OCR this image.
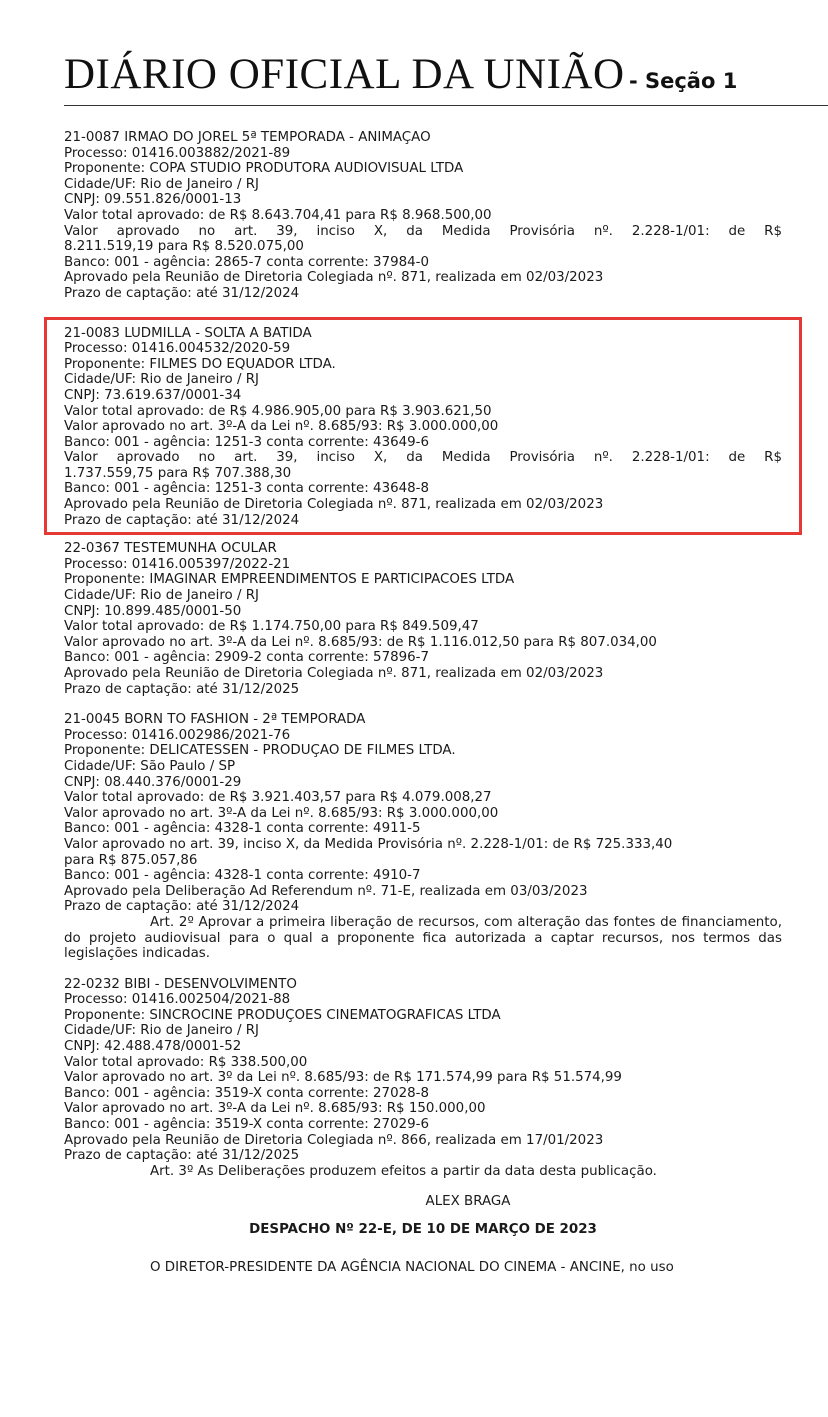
DIÁRIO OFICIAL DA UNIÃO - Seção 1
21-0087 IRMÃO DO JOREL 5ª TEMPORADA - ANIMAÇÃO
Processo: 01416.003882/2021-89
Proponente: COPA STUDIO PRODUTORA AUDIOVISUAL LTDA
Cidade/UF: Rio de Janeiro / RJ
CNPJ: 09.551.826/0001-13
Valor total aprovado: de R$ 8.643.704,41 para R$ 8.968.500,00
Valor aprovado no art. 39, inciso X, da Medida Provisória nº. 2.228-1/01: de R$
8.211.519,19 para R$ 8.520.075,00
Banco: 001 - agência: 2865-7 conta corrente: 37984-0
Aprovado pela Reunião de Diretoria Colegiada nº. 871, realizada em 02/03/2023
Prazo de captação: até 31/12/2024
21-0083 LUDMILLA - SOLTA A BATIDA
Processo: 01416.004532/2020-59
Proponente: FILMES DO EQUADOR LTDA.
Cidade/UF: Rio de Janeiro / RJ
CNPJ: 73.619.637/0001-34
Valor total aprovado: de R$ 4.986.905,00 para R$ 3.903.621,50
Valor aprovado no art. 3º-A da Lei nº. 8.685/93: R$ 3.000.000,00
Banco: 001 - agência: 1251-3 conta corrente: 43649-6
Valor aprovado no art. 39, inciso X, da Medida Provisória nº. 2.228-1/01: de R$
1.737.559,75 para R$ 707.388,30
Banco: 001 - agência: 1251-3 conta corrente: 43648-8
Aprovado pela Reunião de Diretoria Colegiada nº. 871, realizada em 02/03/2023
Prazo de captação: até 31/12/2024
22-0367 TESTEMUNHA OCULAR
Processo: 01416.005397/2022-21
Proponente: IMAGINAR EMPREENDIMENTOS E PARTICIPACOES LTDA
Cidade/UF: Rio de Janeiro / RJ
CNPJ: 10.899.485/0001-50
Valor total aprovado: de R$ 1.174.750,00 para R$ 849.509,47
Valor aprovado no art. 3º-A da Lei nº. 8.685/93: de R$ 1.116.012,50 para R$ 807.034,00
Banco: 001 - agência: 2909-2 conta corrente: 57896-7
Aprovado pela Reunião de Diretoria Colegiada nº. 871, realizada em 02/03/2023
Prazo de captação: até 31/12/2025
21-0045 BORN TO FASHION - 2ª TEMPORADA
Processo: 01416.002986/2021-76
Proponente: DELICATESSEN - PRODUÇÃO DE FILMES LTDA.
Cidade/UF: São Paulo / SP
CNPJ: 08.440.376/0001-29
Valor total aprovado: de R$ 3.921.403,57 para R$ 4.079.008,27
Valor aprovado no art. 3º-A da Lei nº. 8.685/93: R$ 3.000.000,00
Banco: 001 - agência: 4328-1 conta corrente: 4911-5
Valor aprovado no art. 39, inciso X, da Medida Provisória nº. 2.228-1/01: de R$ 725.333,40
para R$ 875.057,86
Banco: 001 - agência: 4328-1 conta corrente: 4910-7
Aprovado pela Deliberação Ad Referendum nº. 71-E, realizada em 03/03/2023
Prazo de captação: até 31/12/2024
Art. 2º Aprovar a primeira liberação de recursos, com alteração das fontes de financiamento, do projeto audiovisual para o qual a proponente fica autorizada a captar recursos, nos termos das legislações indicadas.
22-0232 BIBI - DESENVOLVIMENTO
Processo: 01416.002504/2021-88
Proponente: SINCROCINE PRODUÇÕES CINEMATOGRÁFICAS LTDA
Cidade/UF: Rio de Janeiro / RJ
CNPJ: 42.488.478/0001-52
Valor total aprovado: R$ 338.500,00
Valor aprovado no art. 3º da Lei nº. 8.685/93: de R$ 171.574,99 para R$ 51.574,99
Banco: 001 - agência: 3519-X conta corrente: 27028-8
Valor aprovado no art. 3º-A da Lei nº. 8.685/93: R$ 150.000,00
Banco: 001 - agência: 3519-X conta corrente: 27029-6
Aprovado pela Reunião de Diretoria Colegiada nº. 866, realizada em 17/01/2023
Prazo de captação: até 31/12/2025
Art. 3º As Deliberações produzem efeitos a partir da data desta publicação.
ALEX BRAGA
DESPACHO Nº 22-E, DE 10 DE MARÇO DE 2023
O DIRETOR-PRESIDENTE DA AGÊNCIA NACIONAL DO CINEMA - ANCINE, no uso
